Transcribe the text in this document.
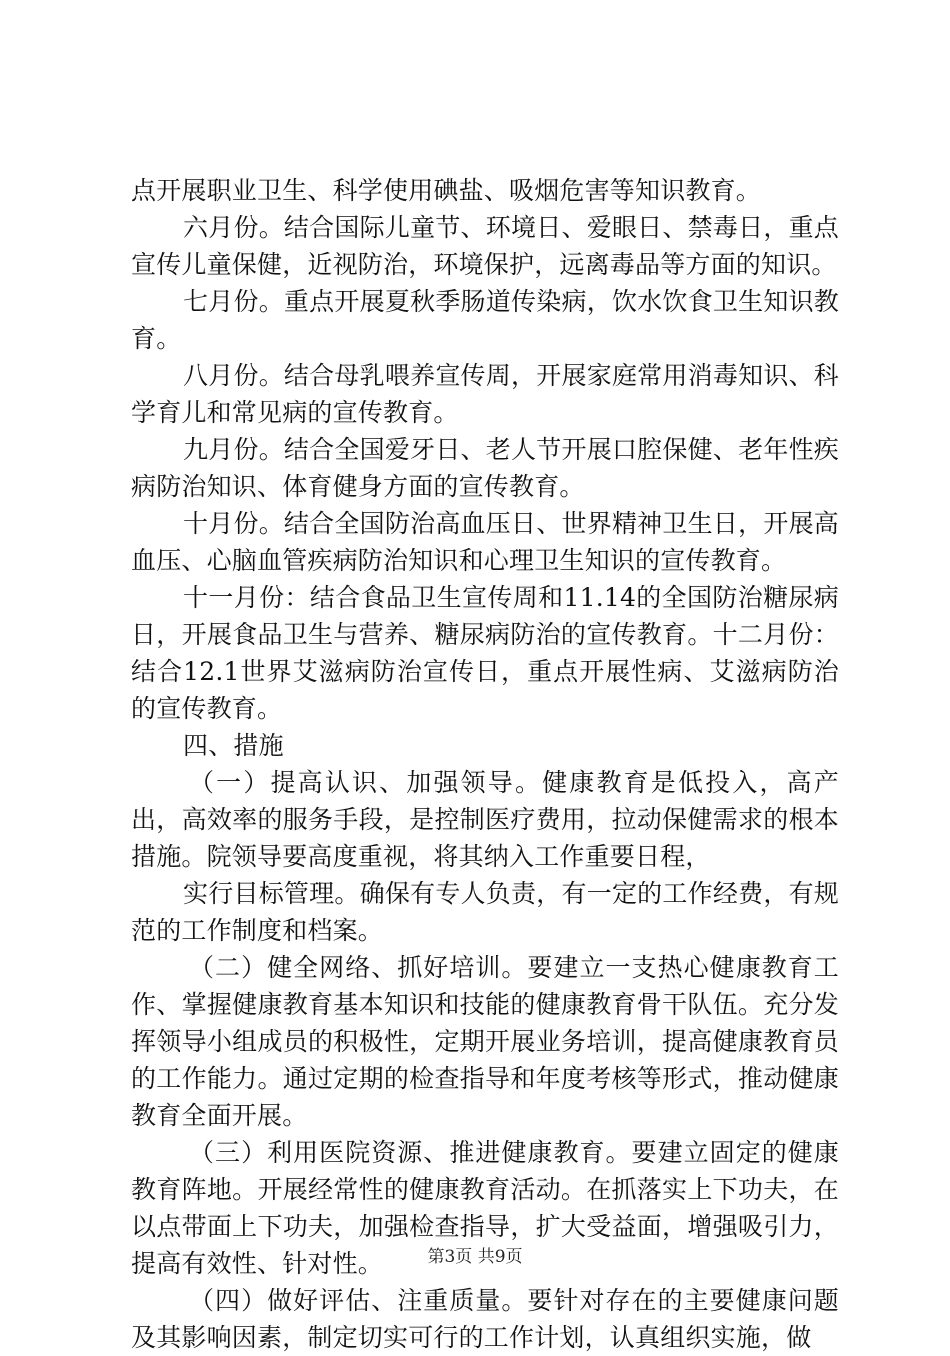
点开展职业卫生、科学使用碘盐、吸烟危害等知识教育。

六月份。结合国际儿童节、环境日、爱眼日、禁毒日，重点宣传儿童保健，近视防治，环境保护，远离毒品等方面的知识。

七月份。重点开展夏秋季肠道传染病，饮水饮食卫生知识教育。

八月份。结合母乳喂养宣传周，开展家庭常用消毒知识、科学育儿和常见病的宣传教育。

九月份。结合全国爱牙日、老人节开展口腔保健、老年性疾病防治知识、体育健身方面的宣传教育。

十月份。结合全国防治高血压日、世界精神卫生日，开展高血压、心脑血管疾病防治知识和心理卫生知识的宣传教育。

十一月份：结合食品卫生宣传周和11.14的全国防治糖尿病日，开展食品卫生与营养、糖尿病防治的宣传教育。十二月份：结合12.1世界艾滋病防治宣传日，重点开展性病、艾滋病防治的宣传教育。

四、措施

（一）提高认识、加强领导。健康教育是低投入，高产出，高效率的服务手段，是控制医疗费用，拉动保健需求的根本措施。院领导要高度重视，将其纳入工作重要日程，

实行目标管理。确保有专人负责，有一定的工作经费，有规范的工作制度和档案。

（二）健全网络、抓好培训。要建立一支热心健康教育工作、掌握健康教育基本知识和技能的健康教育骨干队伍。充分发挥领导小组成员的积极性，定期开展业务培训，提高健康教育员的工作能力。通过定期的检查指导和年度考核等形式，推动健康教育全面开展。

（三）利用医院资源、推进健康教育。要建立固定的健康教育阵地。开展经常性的健康教育活动。在抓落实上下功夫，在以点带面上下功夫，加强检查指导，扩大受益面，增强吸引力，提高有效性、针对性。

（四）做好评估、注重质量。要针对存在的主要健康问题及其影响因素，制定切实可行的工作计划，认真组织实施，做

第3页 共9页
